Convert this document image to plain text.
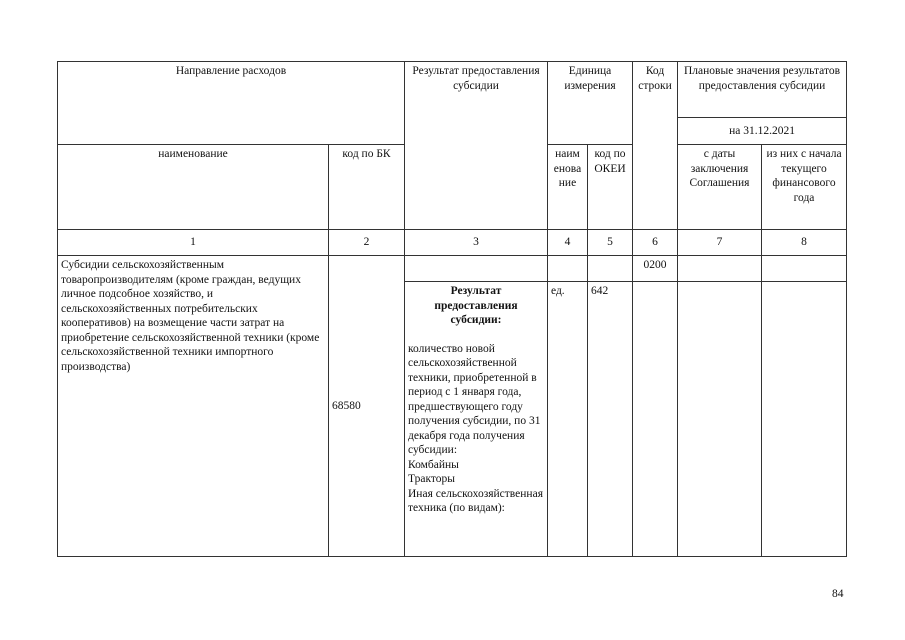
Направление расходов		Результат предоставления субсидии	Единица измерения		Код строки	Плановые значения результатов предоставления субсидии	
						на 31.12.2021	
наименование	код по БК		наим енова ние	код по ОКЕИ		с даты заключения Соглашения	из них с начала текущего финансового года
1	2	3	4	5	6	7	8
Субсидии сельскохозяйственным товаропроизводителям (кроме граждан, ведущих личное подсобное хозяйство, и сельскохозяйственных потребительских кооперативов) на возмещение части затрат на приобретение сельскохозяйственной техники (кроме сельскохозяйственной техники импортного производства)	68580				0200		

		Результат предоставления субсидии:
количество новой сельскохозяйственной техники, приобретенной в период с 1 января года, предшествующего году получения субсидии, по 31 декабря года получения субсидии:
Комбайны
Тракторы
Иная сельскохозяйственная техника (по видам):	ед.	642			
84
